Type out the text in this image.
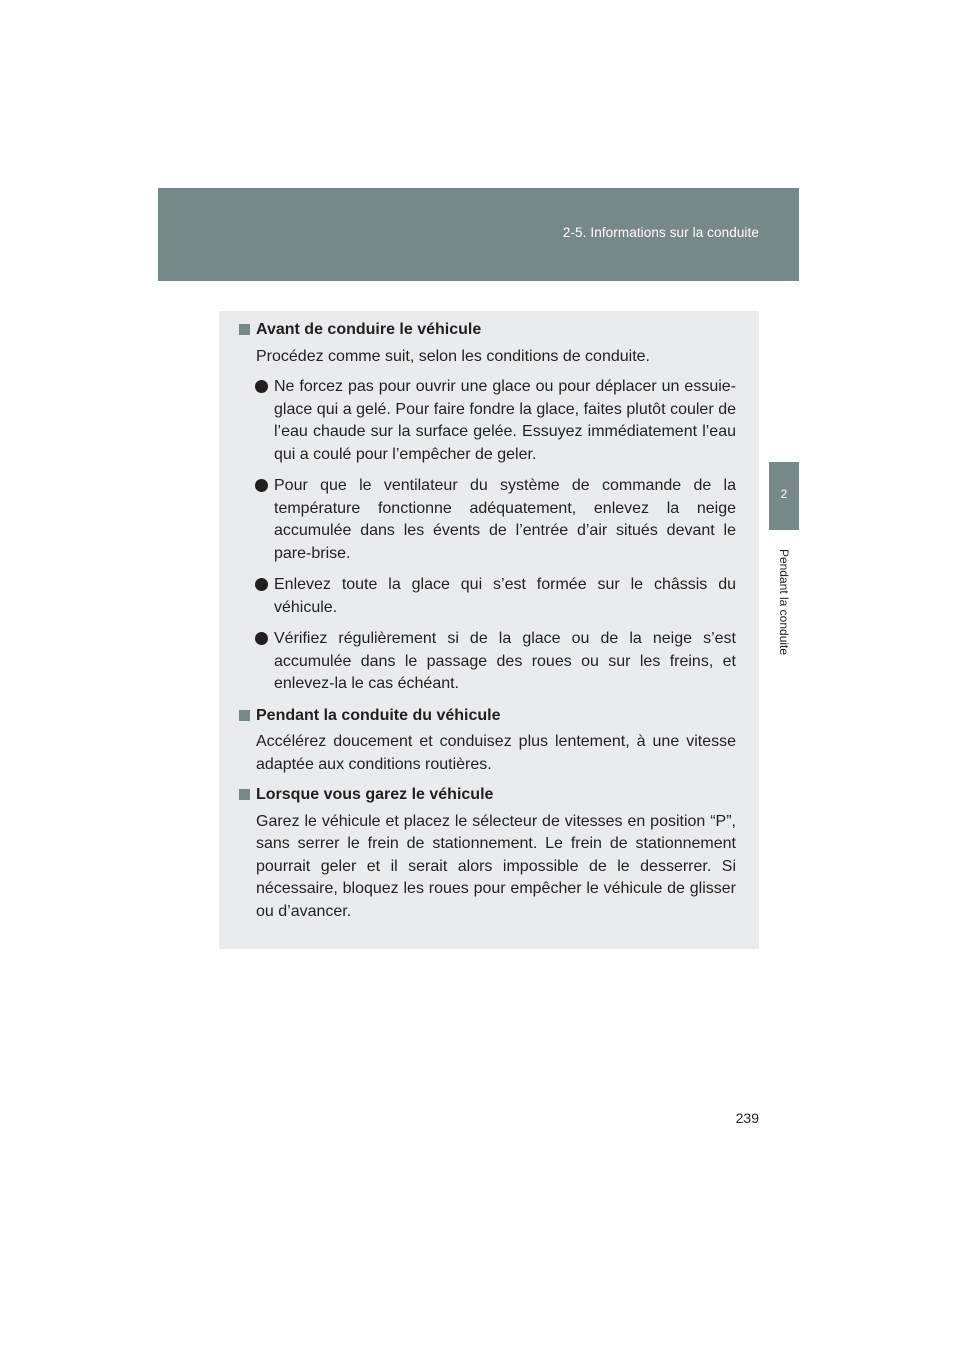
2-5. Informations sur la conduite
2
Pendant la conduite
Avant de conduire le véhicule
Procédez comme suit, selon les conditions de conduite.
Ne forcez pas pour ouvrir une glace ou pour déplacer un essuie-glace qui a gelé. Pour faire fondre la glace, faites plutôt couler de l’eau chaude sur la surface gelée. Essuyez immédiatement l’eau qui a coulé pour l’empêcher de geler.
Pour que le ventilateur du système de commande de la température fonctionne adéquatement, enlevez la neige accumulée dans les évents de l’entrée d’air situés devant le pare-brise.
Enlevez toute la glace qui s’est formée sur le châssis du véhicule.
Vérifiez régulièrement si de la glace ou de la neige s’est accumulée dans le passage des roues ou sur les freins, et enlevez-la le cas échéant.
Pendant la conduite du véhicule
Accélérez doucement et conduisez plus lentement, à une vitesse adaptée aux conditions routières.
Lorsque vous garez le véhicule
Garez le véhicule et placez le sélecteur de vitesses en position “P”, sans serrer le frein de stationnement. Le frein de stationnement pourrait geler et il serait alors impossible de le desserrer. Si nécessaire, bloquez les roues pour empêcher le véhicule de glisser ou d’avancer.
239
